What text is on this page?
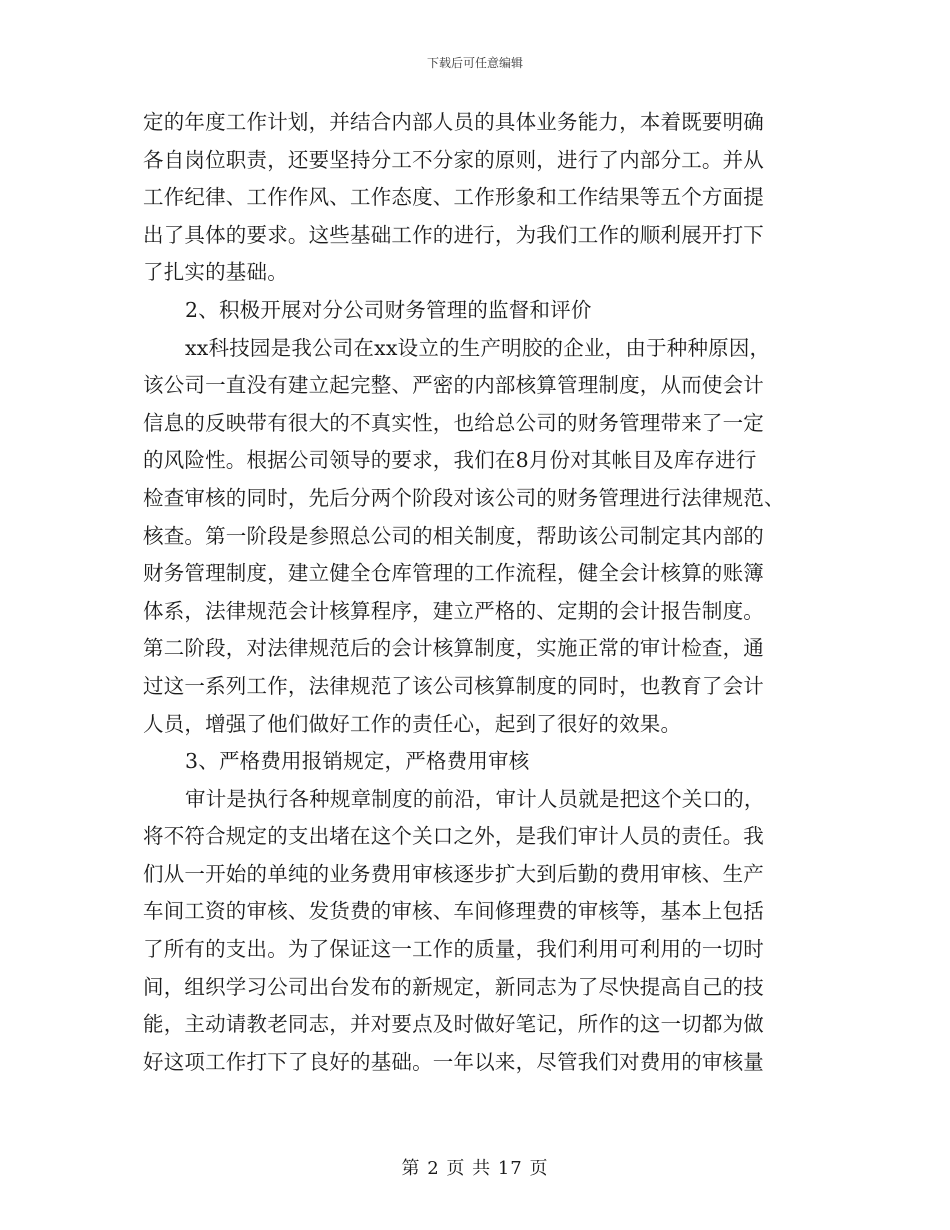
下载后可任意编辑
定的年度工作计划，并结合内部人员的具体业务能力，本着既要明确
各自岗位职责，还要坚持分工不分家的原则，进行了内部分工。并从
工作纪律、工作作风、工作态度、工作形象和工作结果等五个方面提
出了具体的要求。这些基础工作的进行，为我们工作的顺利展开打下
了扎实的基础。
2、积极开展对分公司财务管理的监督和评价
xx科技园是我公司在xx设立的生产明胶的企业，由于种种原因，
该公司一直没有建立起完整、严密的内部核算管理制度，从而使会计
信息的反映带有很大的不真实性，也给总公司的财务管理带来了一定
的风险性。根据公司领导的要求，我们在8月份对其帐目及库存进行
检查审核的同时，先后分两个阶段对该公司的财务管理进行法律规范、
核查。第一阶段是参照总公司的相关制度，帮助该公司制定其内部的
财务管理制度，建立健全仓库管理的工作流程，健全会计核算的账簿
体系，法律规范会计核算程序，建立严格的、定期的会计报告制度。
第二阶段，对法律规范后的会计核算制度，实施正常的审计检查，通
过这一系列工作，法律规范了该公司核算制度的同时，也教育了会计
人员，增强了他们做好工作的责任心，起到了很好的效果。
3、严格费用报销规定，严格费用审核
审计是执行各种规章制度的前沿，审计人员就是把这个关口的，
将不符合规定的支出堵在这个关口之外，是我们审计人员的责任。我
们从一开始的单纯的业务费用审核逐步扩大到后勤的费用审核、生产
车间工资的审核、发货费的审核、车间修理费的审核等，基本上包括
了所有的支出。为了保证这一工作的质量，我们利用可利用的一切时
间，组织学习公司出台发布的新规定，新同志为了尽快提高自己的技
能，主动请教老同志，并对要点及时做好笔记，所作的这一切都为做
好这项工作打下了良好的基础。一年以来，尽管我们对费用的审核量
第 2 页 共 17 页
